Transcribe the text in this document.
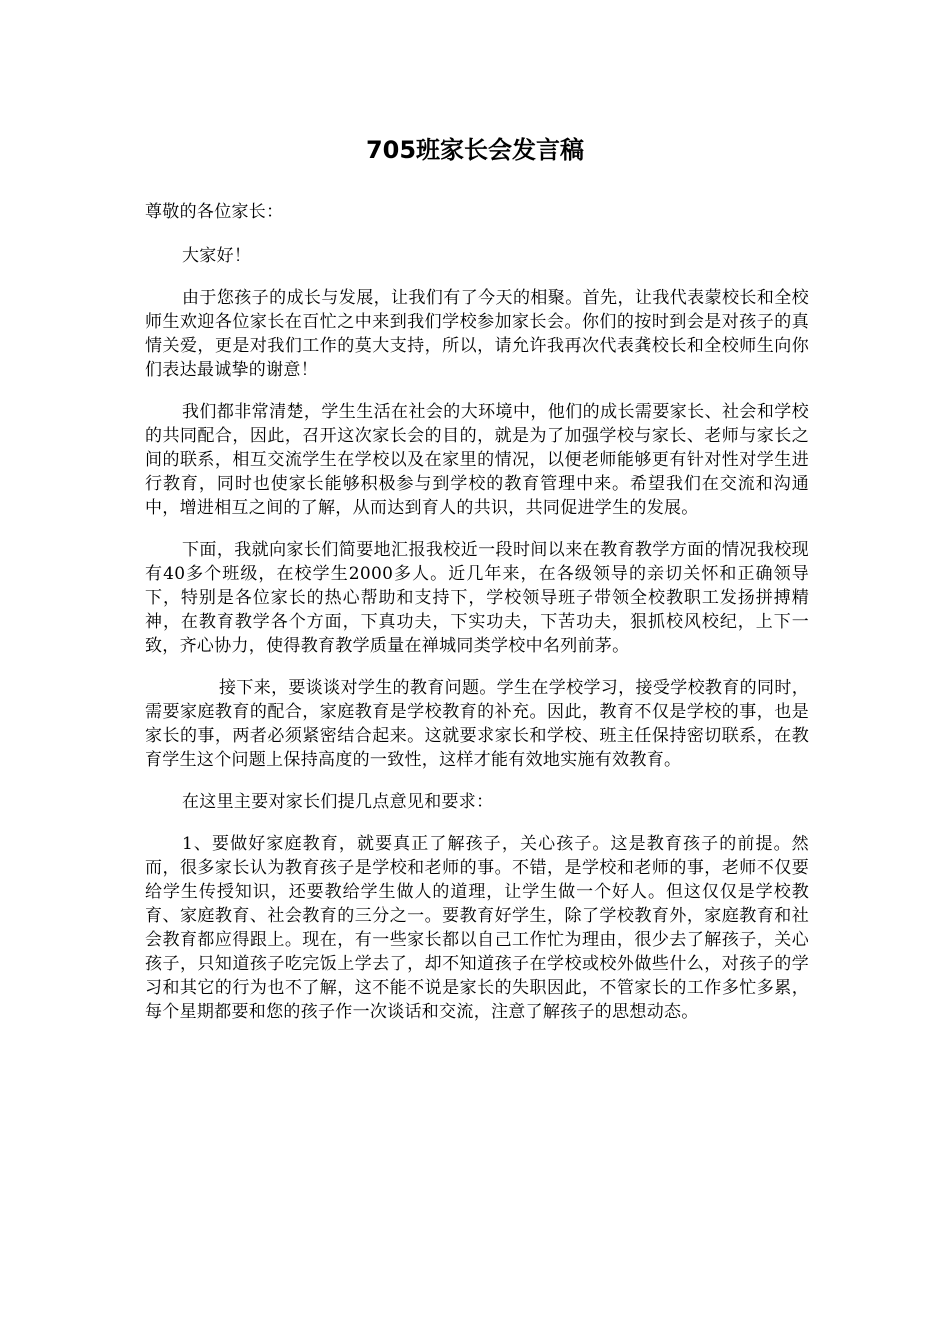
705班家长会发言稿

尊敬的各位家长：

大家好！

由于您孩子的成长与发展，让我们有了今天的相聚。首先，让我代表蒙校长和全校师生欢迎各位家长在百忙之中来到我们学校参加家长会。你们的按时到会是对孩子的真情关爱，更是对我们工作的莫大支持，所以，请允许我再次代表龚校长和全校师生向你们表达最诚挚的谢意！

我们都非常清楚，学生生活在社会的大环境中，他们的成长需要家长、社会和学校的共同配合，因此，召开这次家长会的目的，就是为了加强学校与家长、老师与家长之间的联系，相互交流学生在学校以及在家里的情况，以便老师能够更有针对性对学生进行教育，同时也使家长能够积极参与到学校的教育管理中来。希望我们在交流和沟通中，增进相互之间的了解，从而达到育人的共识，共同促进学生的发展。

下面，我就向家长们简要地汇报我校近一段时间以来在教育教学方面的情况我校现有40多个班级，在校学生2000多人。近几年来，在各级领导的亲切关怀和正确领导下，特别是各位家长的热心帮助和支持下，学校领导班子带领全校教职工发扬拼搏精神，在教育教学各个方面，下真功夫，下实功夫，下苦功夫，狠抓校风校纪，上下一致，齐心协力，使得教育教学质量在禅城同类学校中名列前茅。

接下来，要谈谈对学生的教育问题。学生在学校学习，接受学校教育的同时，需要家庭教育的配合，家庭教育是学校教育的补充。因此，教育不仅是学校的事，也是家长的事，两者必须紧密结合起来。这就要求家长和学校、班主任保持密切联系，在教育学生这个问题上保持高度的一致性，这样才能有效地实施有效教育。

在这里主要对家长们提几点意见和要求：

1、要做好家庭教育，就要真正了解孩子，关心孩子。这是教育孩子的前提。然而，很多家长认为教育孩子是学校和老师的事。不错，是学校和老师的事，老师不仅要给学生传授知识，还要教给学生做人的道理，让学生做一个好人。但这仅仅是学校教育、家庭教育、社会教育的三分之一。要教育好学生，除了学校教育外，家庭教育和社会教育都应得跟上。现在，有一些家长都以自己工作忙为理由，很少去了解孩子，关心孩子，只知道孩子吃完饭上学去了，却不知道孩子在学校或校外做些什么，对孩子的学习和其它的行为也不了解，这不能不说是家长的失职因此，不管家长的工作多忙多累，每个星期都要和您的孩子作一次谈话和交流，注意了解孩子的思想动态。
